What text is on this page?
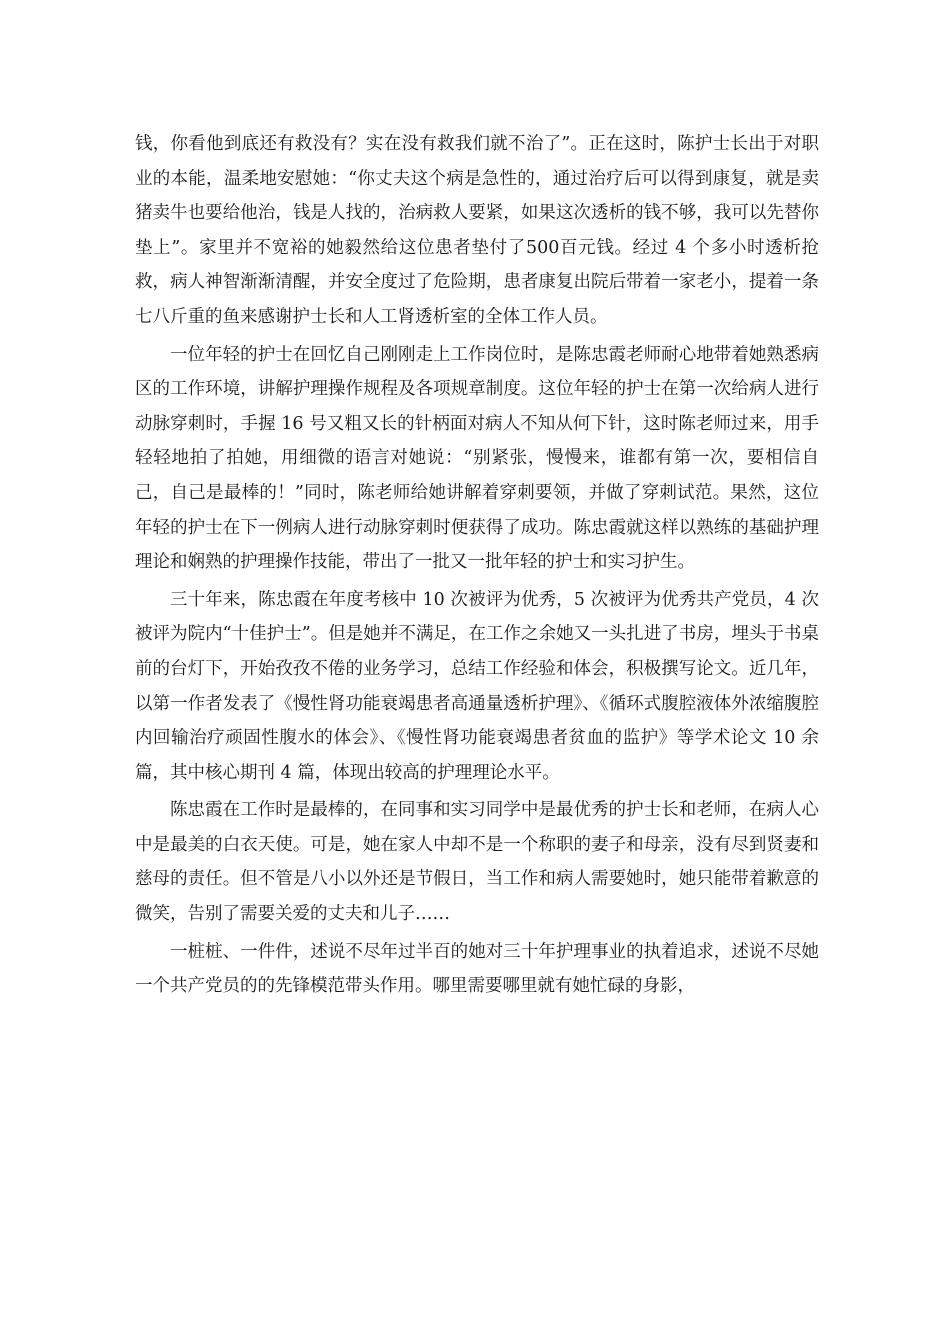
钱，你看他到底还有救没有？实在没有救我们就不治了”。正在这时，陈护士长出于对职业的本能，温柔地安慰她：“你丈夫这个病是急性的，通过治疗后可以得到康复，就是卖猪卖牛也要给他治，钱是人找的，治病救人要紧，如果这次透析的钱不够，我可以先替你垫上”。家里并不宽裕的她毅然给这位患者垫付了500百元钱。经过 4 个多小时透析抢救，病人神智渐渐清醒，并安全度过了危险期，患者康复出院后带着一家老小，提着一条七八斤重的鱼来感谢护士长和人工肾透析室的全体工作人员。

一位年轻的护士在回忆自己刚刚走上工作岗位时，是陈忠霞老师耐心地带着她熟悉病区的工作环境，讲解护理操作规程及各项规章制度。这位年轻的护士在第一次给病人进行动脉穿刺时，手握 16 号又粗又长的针柄面对病人不知从何下针，这时陈老师过来，用手轻轻地拍了拍她，用细微的语言对她说：“别紧张，慢慢来，谁都有第一次，要相信自己，自己是最棒的！”同时，陈老师给她讲解着穿刺要领，并做了穿刺试范。果然，这位年轻的护士在下一例病人进行动脉穿刺时便获得了成功。陈忠霞就这样以熟练的基础护理理论和娴熟的护理操作技能，带出了一批又一批年轻的护士和实习护生。

三十年来，陈忠霞在年度考核中 10 次被评为优秀，5 次被评为优秀共产党员，4 次被评为院内“十佳护士”。但是她并不满足，在工作之余她又一头扎进了书房，埋头于书桌前的台灯下，开始孜孜不倦的业务学习，总结工作经验和体会，积极撰写论文。近几年，以第一作者发表了《慢性肾功能衰竭患者高通量透析护理》、《循环式腹腔液体外浓缩腹腔内回输治疗顽固性腹水的体会》、《慢性肾功能衰竭患者贫血的监护》等学术论文 10 余篇，其中核心期刊 4 篇，体现出较高的护理理论水平。

陈忠霞在工作时是最棒的，在同事和实习同学中是最优秀的护士长和老师，在病人心中是最美的白衣天使。可是，她在家人中却不是一个称职的妻子和母亲，没有尽到贤妻和慈母的责任。但不管是八小以外还是节假日，当工作和病人需要她时，她只能带着歉意的微笑，告别了需要关爱的丈夫和儿子……

一桩桩、一件件，述说不尽年过半百的她对三十年护理事业的执着追求，述说不尽她一个共产党员的的先锋模范带头作用。哪里需要哪里就有她忙碌的身影，
